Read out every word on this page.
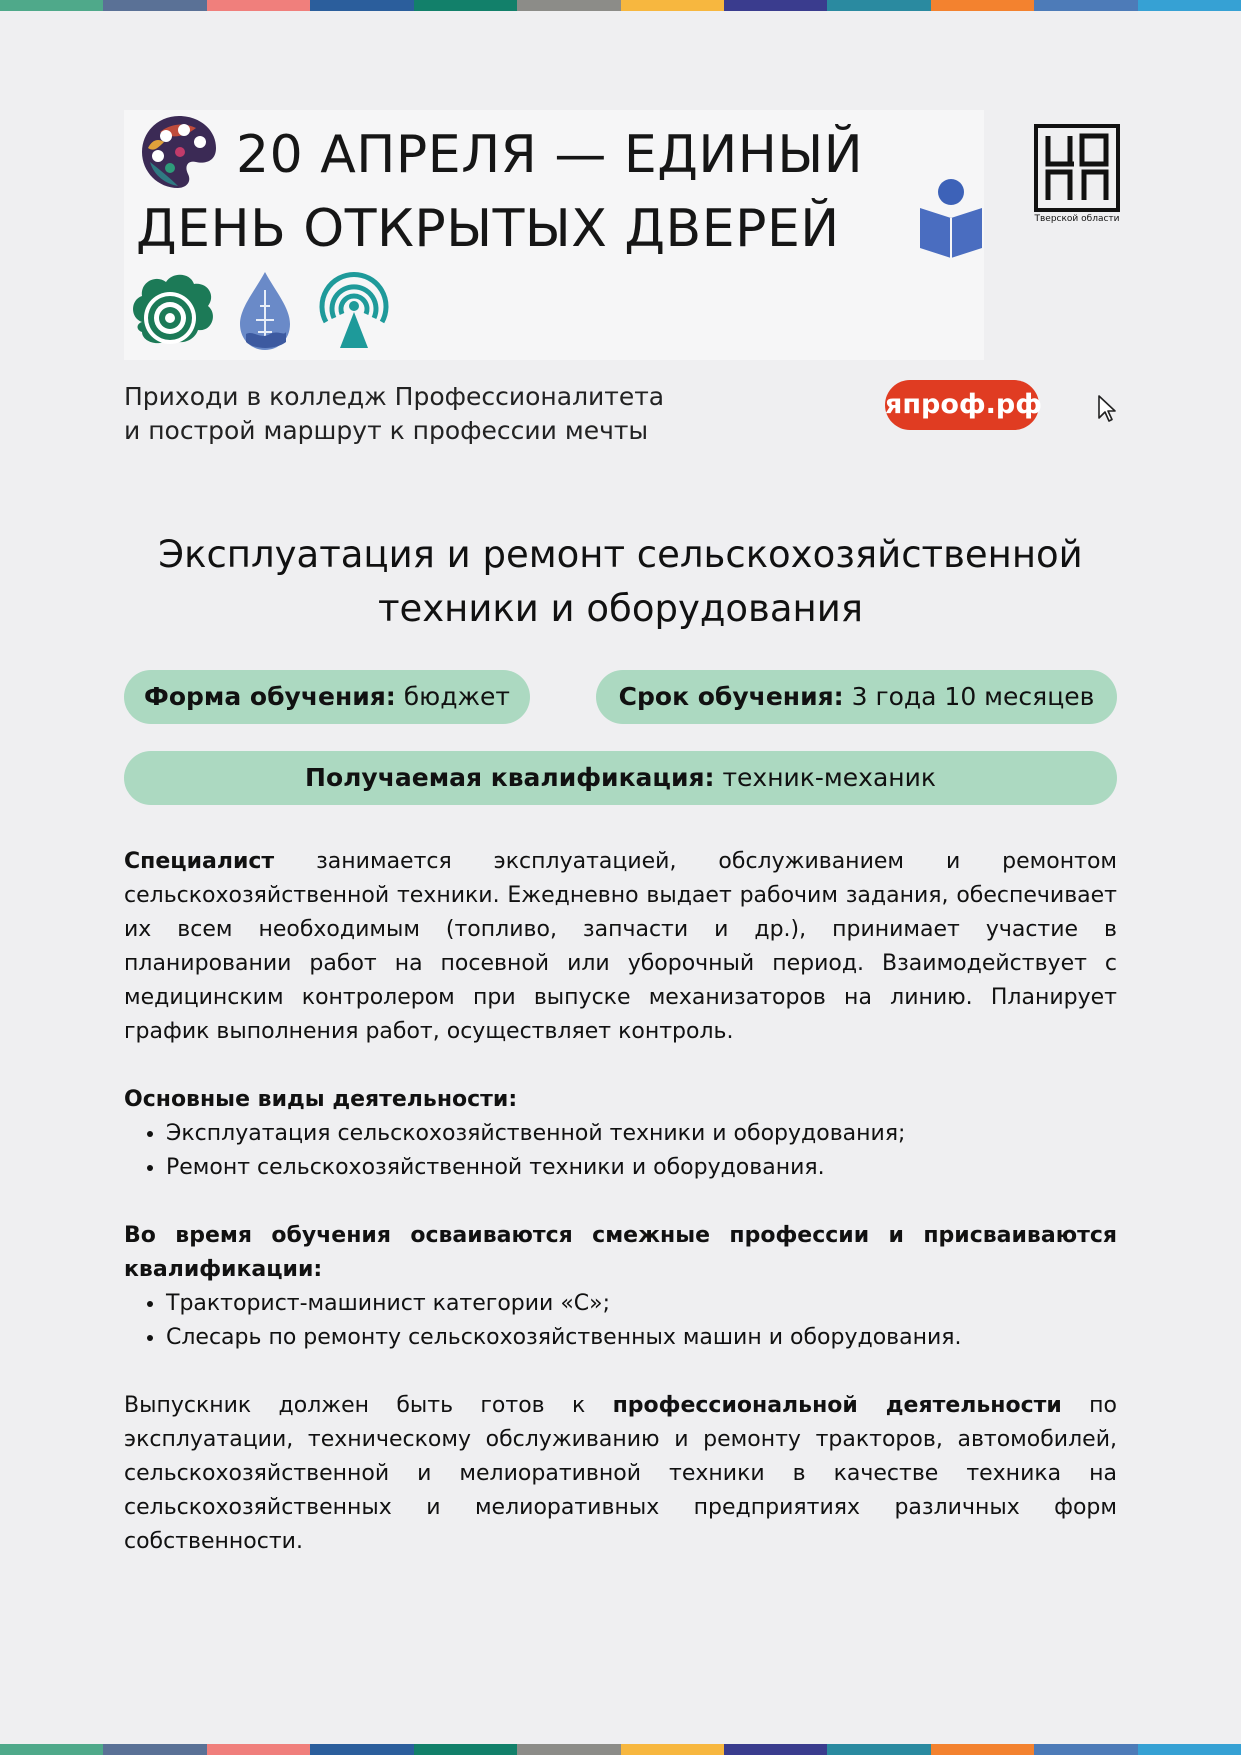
20 АПРЕЛЯ — ЕДИНЫЙ
ДЕНЬ ОТКРЫТЫХ ДВЕРЕЙ	Тверской области
Приходи в колледж Профессионалитета
и построй маршрут к профессии мечты
япроф.рф
Эксплуатация и ремонт сельскохозяйственной
техники и оборудования
Форма обучения: бюджет	Срок обучения: 3 года 10 месяцев
Получаемая квалификация: техник-механик

Специалист занимается эксплуатацией, обслуживанием и ремонтом сельскохозяйственной техники. Ежедневно выдает рабочим задания, обеспечивает их всем необходимым (топливо, запчасти и др.), принимает участие в планировании работ на посевной или уборочный период. Взаимодействует с медицинским контролером при выпуске механизаторов на линию. Планирует график выполнения работ, осуществляет контроль.

Основные виды деятельности:

• Эксплуатация сельскохозяйственной техники и оборудования;
• Ремонт сельскохозяйственной техники и оборудования.

Во время обучения осваиваются смежные профессии и присваиваются квалификации:

• Тракторист-машинист категории «С»;
• Слесарь по ремонту сельскохозяйственных машин и оборудования.

Выпускник должен быть готов к профессиональной деятельности по эксплуатации, техническому обслуживанию и ремонту тракторов, автомобилей, сельскохозяйственной и мелиоративной техники в качестве техника на сельскохозяйственных и мелиоративных предприятиях различных форм собственности.
